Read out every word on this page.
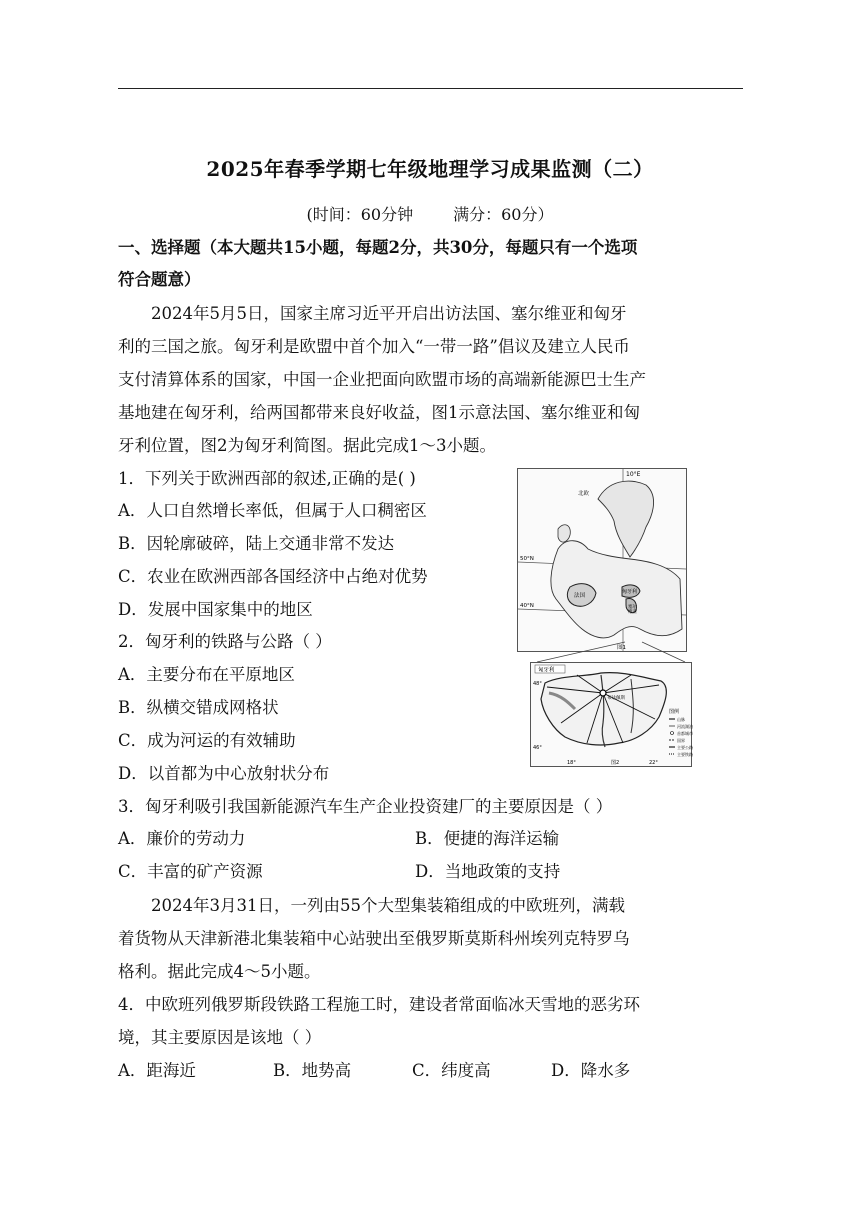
2025年春季学期七年级地理学习成果监测（二）
(时间：60分钟	满分：60分）
一、选择题（本大题共15小题，每题2分，共30分，每题只有一个选项
符合题意）
2024年5月5日，国家主席习近平开启出访法国、塞尔维亚和匈牙
利的三国之旅。匈牙利是欧盟中首个加入“一带一路”倡议及建立人民币
支付清算体系的国家，中国一企业把面向欧盟市场的高端新能源巴士生产
基地建在匈牙利，给两国都带来良好收益，图1示意法国、塞尔维亚和匈
牙利位置，图2为匈牙利简图。据此完成1～3小题。
1．下列关于欧洲西部的叙述,正确的是( )
A．人口自然增长率低，但属于人口稠密区
B．因轮廓破碎，陆上交通非常不发达
C．农业在欧洲西部各国经济中占绝对优势
D．发展中国家集中的地区
2．匈牙利的铁路与公路（ ）
A．主要分布在平原地区
B．纵横交错成网格状
C．成为河运的有效辅助
D．以首都为中心放射状分布
3．匈牙利吸引我国新能源汽车生产企业投资建厂的主要原因是（ ）
A．廉价的劳动力	B．便捷的海洋运输
C．丰富的矿产资源	D．当地政策的支持
2024年3月31日，一列由55个大型集装箱组成的中欧班列，满载
着货物从天津新港北集装箱中心站驶出至俄罗斯莫斯科州埃列克特罗乌
格利。据此完成4～5小题。
4．中欧班列俄罗斯段铁路工程施工时，建设者常面临冰天雪地的恶劣环
境，其主要原因是该地（ ）
A．距海近	B．地势高	C．纬度高	D．降水多
10°E
50°N
40°N
北欧
法国
匈牙利
塞尔维亚
图1
布达佩斯
匈牙利
48°
46°
18°	22°
图2
图例
山脉
河流湖泊
首都城市
国界
主要公路
主要铁路
